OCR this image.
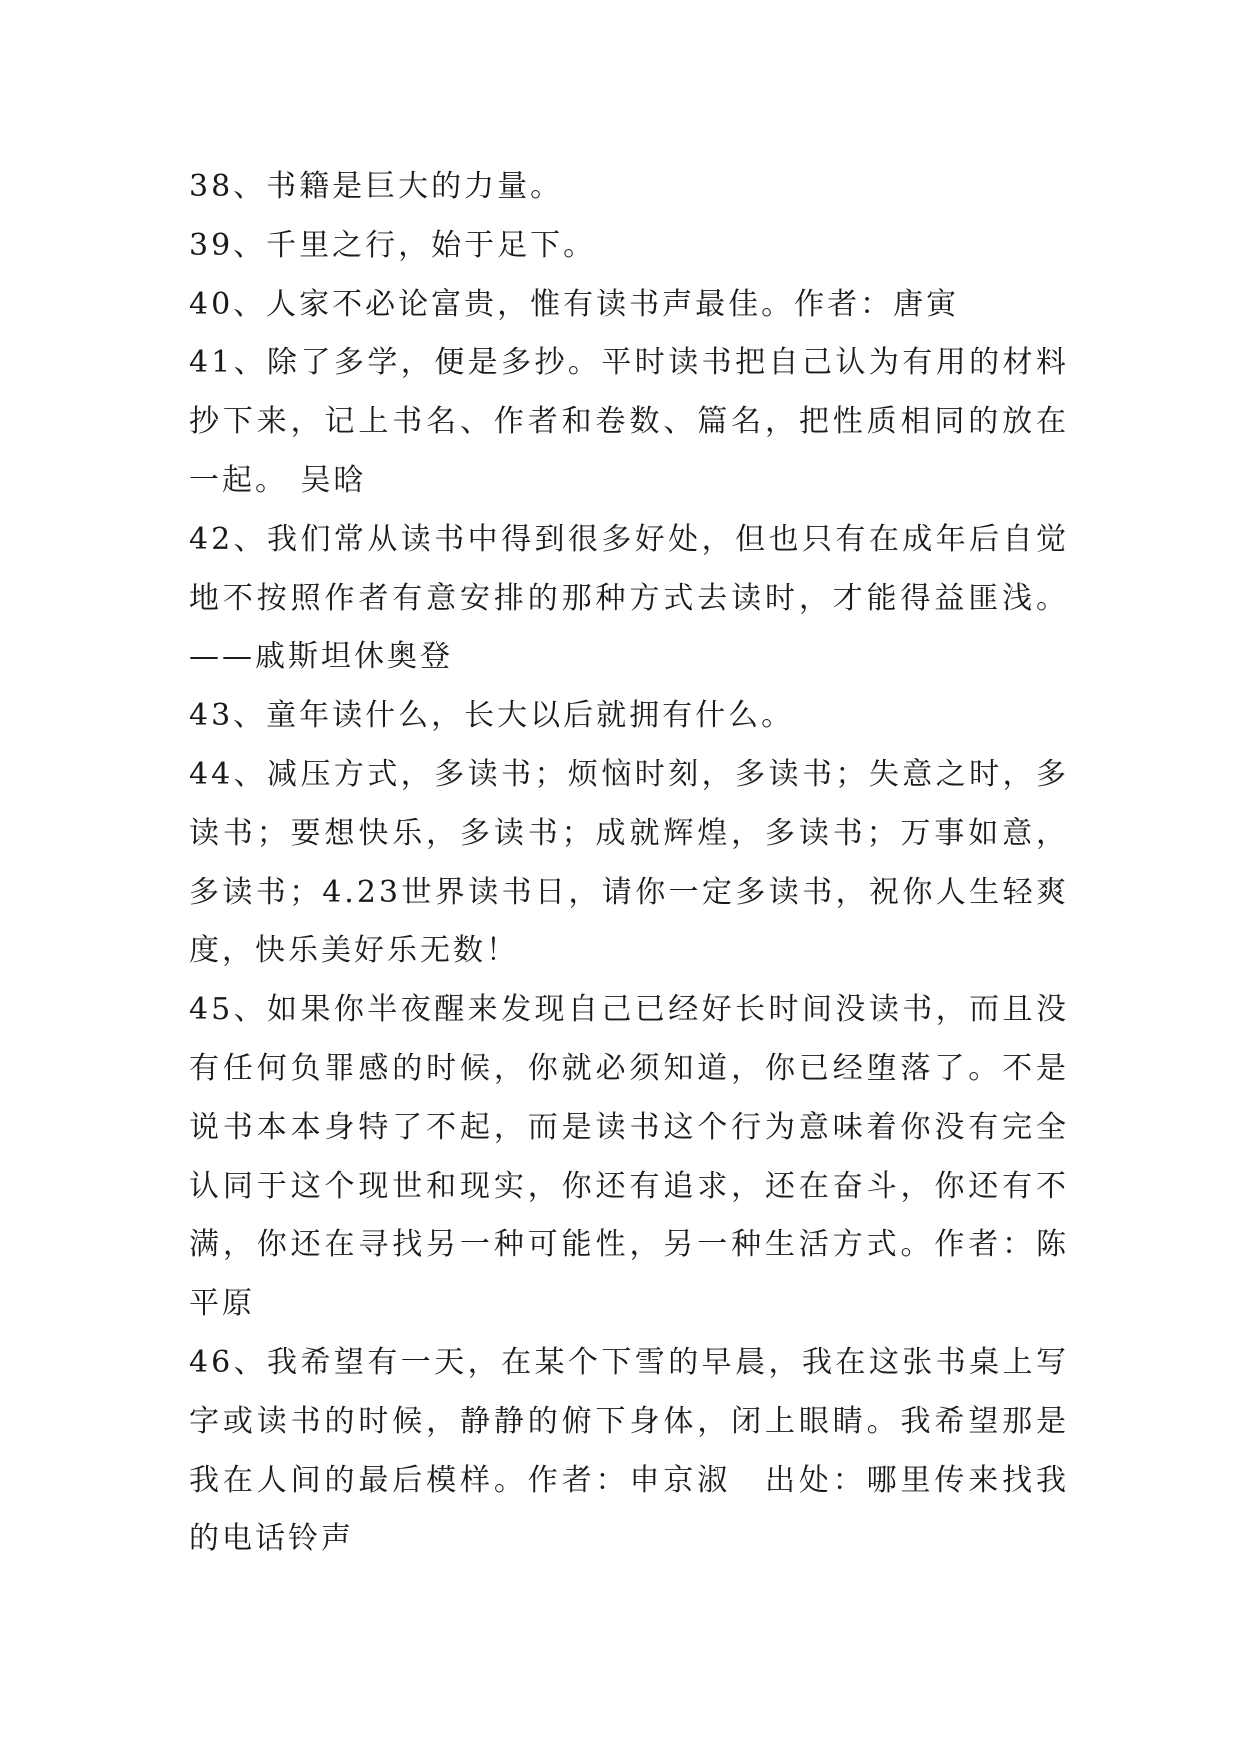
38、书籍是巨大的力量。
39、千里之行，始于足下。
40、人家不必论富贵，惟有读书声最佳。作者：唐寅
41、除了多学，便是多抄。平时读书把自己认为有用的材料
抄下来，记上书名、作者和卷数、篇名，把性质相同的放在
一起。 吴晗
42、我们常从读书中得到很多好处，但也只有在成年后自觉
地不按照作者有意安排的那种方式去读时，才能得益匪浅。
——戚斯坦休奥登
43、童年读什么，长大以后就拥有什么。
44、减压方式，多读书；烦恼时刻，多读书；失意之时，多
读书；要想快乐，多读书；成就辉煌，多读书；万事如意，
多读书；4.23世界读书日，请你一定多读书，祝你人生轻爽
度，快乐美好乐无数！
45、如果你半夜醒来发现自己已经好长时间没读书，而且没
有任何负罪感的时候，你就必须知道，你已经堕落了。不是
说书本本身特了不起，而是读书这个行为意味着你没有完全
认同于这个现世和现实，你还有追求，还在奋斗，你还有不
满，你还在寻找另一种可能性，另一种生活方式。作者：陈
平原
46、我希望有一天，在某个下雪的早晨，我在这张书桌上写
字或读书的时候，静静的俯下身体，闭上眼睛。我希望那是
我在人间的最后模样。作者：申京淑　出处：哪里传来找我
的电话铃声
